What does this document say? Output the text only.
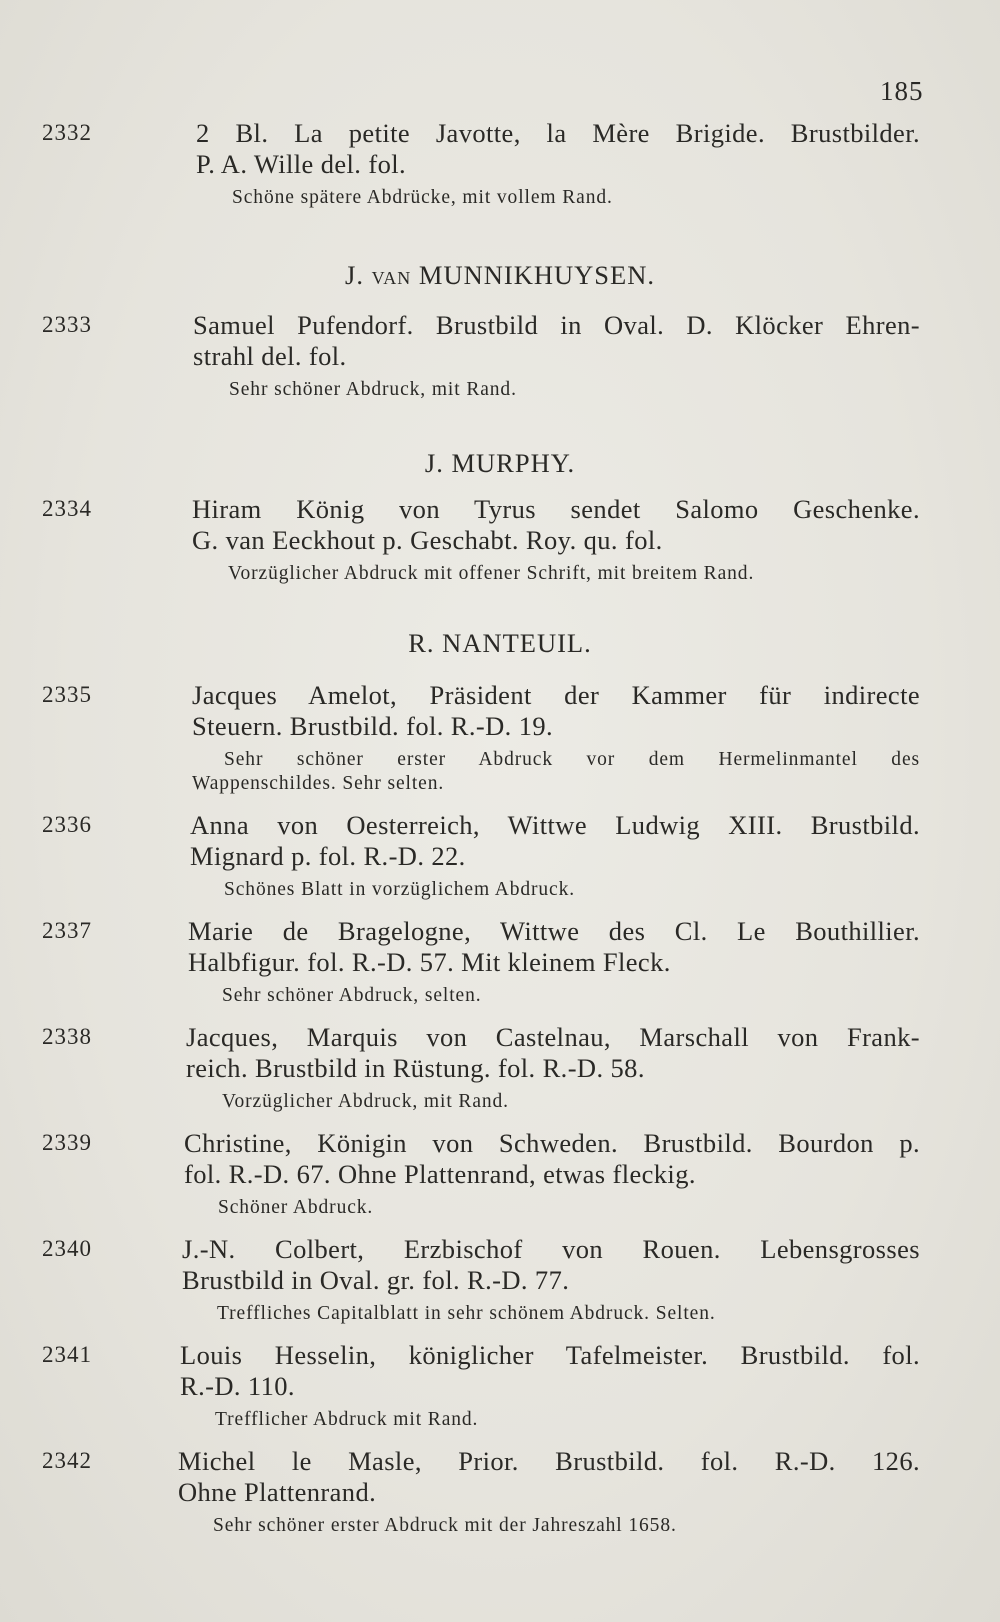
185
2332	2 Bl. La petite Javotte, la Mère Brigide. Brustbilder.
P. A. Wille del. fol.
Schöne spätere Abdrücke, mit vollem Rand.
J. VAN MUNNIKHUYSEN.
2333	Samuel Pufendorf. Brustbild in Oval. D. Klöcker Ehren-
strahl del. fol.
Sehr schöner Abdruck, mit Rand.
J. MURPHY.
2334	Hiram König von Tyrus sendet Salomo Geschenke.
G. van Eeckhout p. Geschabt. Roy. qu. fol.
Vorzüglicher Abdruck mit offener Schrift, mit breitem Rand.
R. NANTEUIL.
2335	Jacques Amelot, Präsident der Kammer für indirecte
Steuern. Brustbild. fol. R.-D. 19.
Sehr schöner erster Abdruck vor dem Hermelinmantel des
Wappenschildes. Sehr selten.
2336	Anna von Oesterreich, Wittwe Ludwig XIII. Brustbild.
Mignard p. fol. R.-D. 22.
Schönes Blatt in vorzüglichem Abdruck.
2337	Marie de Bragelogne, Wittwe des Cl. Le Bouthillier.
Halbfigur. fol. R.-D. 57. Mit kleinem Fleck.
Sehr schöner Abdruck, selten.
2338	Jacques, Marquis von Castelnau, Marschall von Frank-
reich. Brustbild in Rüstung. fol. R.-D. 58.
Vorzüglicher Abdruck, mit Rand.
2339	Christine, Königin von Schweden. Brustbild. Bourdon p.
fol. R.-D. 67. Ohne Plattenrand, etwas fleckig.
Schöner Abdruck.
2340	J.-N. Colbert, Erzbischof von Rouen. Lebensgrosses
Brustbild in Oval. gr. fol. R.-D. 77.
Treffliches Capitalblatt in sehr schönem Abdruck. Selten.
2341	Louis Hesselin, königlicher Tafelmeister. Brustbild. fol.
R.-D. 110.
Trefflicher Abdruck mit Rand.
2342	Michel le Masle, Prior. Brustbild. fol. R.-D. 126.
Ohne Plattenrand.
Sehr schöner erster Abdruck mit der Jahreszahl 1658.
